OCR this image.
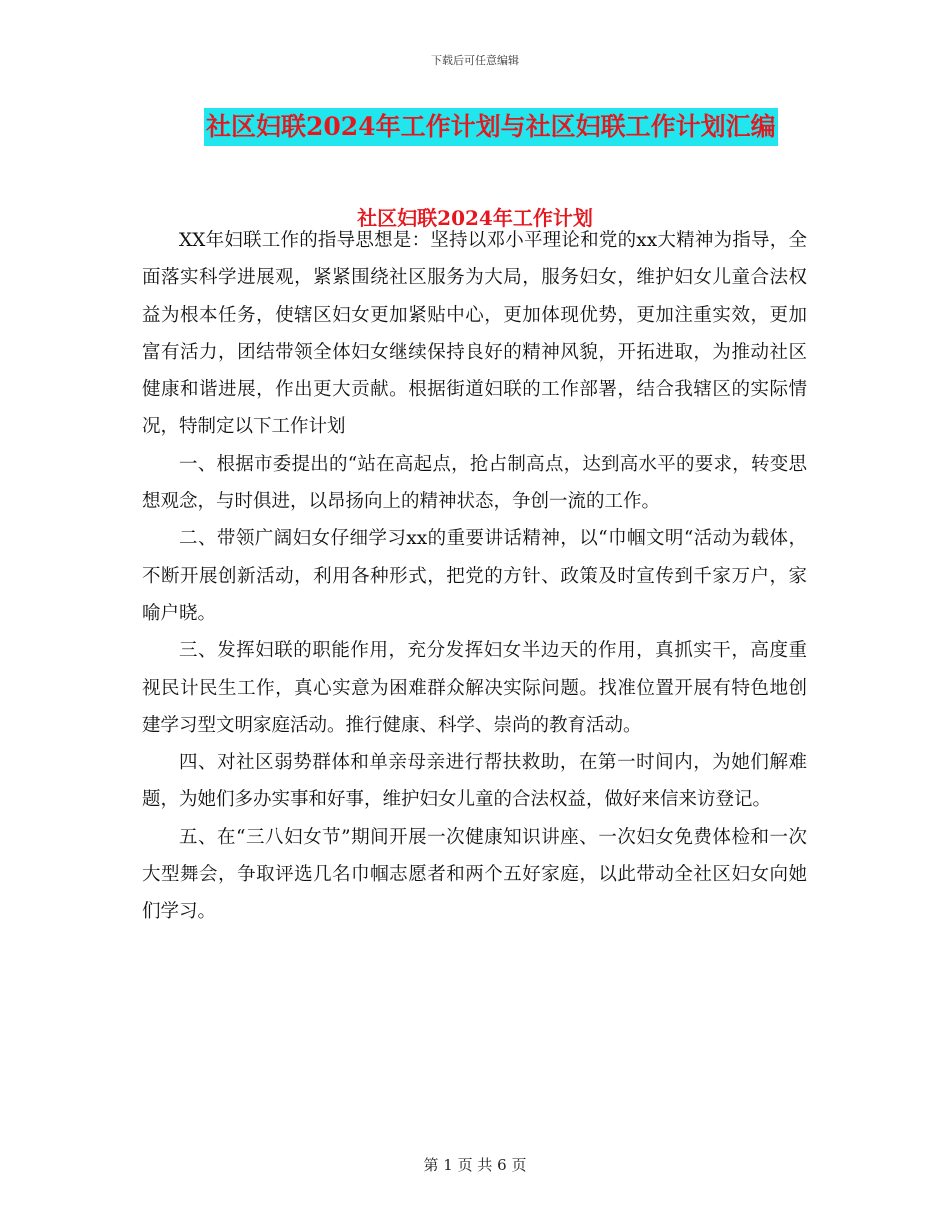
下载后可任意编辑
社区妇联2024年工作计划与社区妇联工作计划汇编
社区妇联2024年工作计划

XX年妇联工作的指导思想是：坚持以邓小平理论和党的xx大精神为指导，全面落实科学进展观，紧紧围绕社区服务为大局，服务妇女，维护妇女儿童合法权益为根本任务，使辖区妇女更加紧贴中心，更加体现优势，更加注重实效，更加富有活力，团结带领全体妇女继续保持良好的精神风貌，开拓进取，为推动社区健康和谐进展，作出更大贡献。根据街道妇联的工作部署，结合我辖区的实际情况，特制定以下工作计划

一、根据市委提出的“站在高起点，抢占制高点，达到高水平的要求，转变思想观念，与时俱进，以昂扬向上的精神状态，争创一流的工作。

二、带领广阔妇女仔细学习xx的重要讲话精神，以“巾帼文明“活动为载体，不断开展创新活动，利用各种形式，把党的方针、政策及时宣传到千家万户，家喻户晓。

三、发挥妇联的职能作用，充分发挥妇女半边天的作用，真抓实干，高度重视民计民生工作，真心实意为困难群众解决实际问题。找准位置开展有特色地创建学习型文明家庭活动。推行健康、科学、崇尚的教育活动。

四、对社区弱势群体和单亲母亲进行帮扶救助，在第一时间内，为她们解难题，为她们多办实事和好事，维护妇女儿童的合法权益，做好来信来访登记。

五、在“三八妇女节”期间开展一次健康知识讲座、一次妇女免费体检和一次大型舞会，争取评选几名巾帼志愿者和两个五好家庭，以此带动全社区妇女向她们学习。

第 1 页 共 6 页
